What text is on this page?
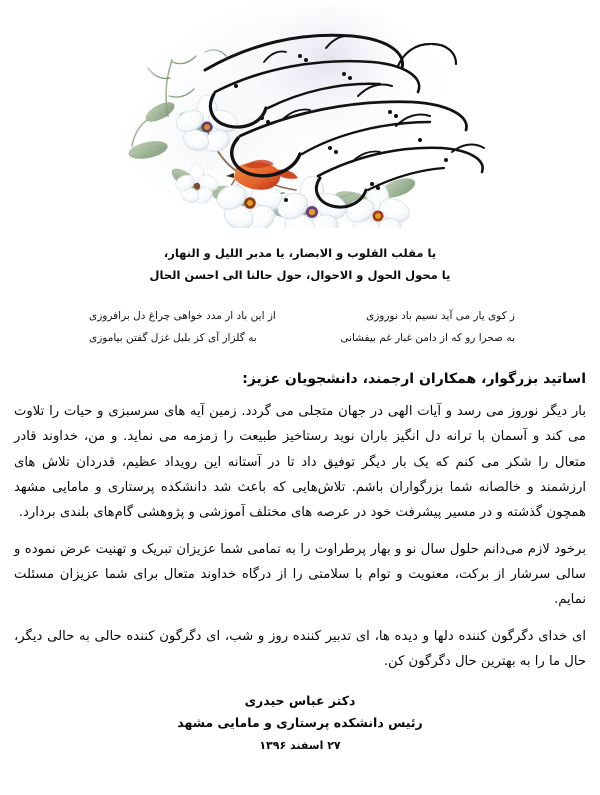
یا مقلب القلوب و الابصار، یا مدبر اللیل و النهار،
یا محول الحول و الاحوال، حول حالنا الی احسن الحال
ز کوی یار می آید نسیم باد نوروزی
از این باد ار مدد خواهی چراغ دل برافروزی
به صحرا رو که از دامن غبار غم بیفشانی
به گلزار آی کز بلبل غزل گفتن بیاموزی
اساتید بزرگوار، همکاران ارجمند، دانشجویان عزیز:

بار دیگر نوروز می رسد و آیات الهی در جهان متجلی می گردد. زمین آیه های سرسبزی و حیات را تلاوت می کند و آسمان با ترانه دل انگیز باران نوید رستاخیز طبیعت را زمزمه می نماید. و من، خداوند قادر متعال را شکر می کنم که یک بار دیگر توفیق داد تا در آستانه این رویداد عظیم، قدردان تلاش های ارزشمند و خالصانه شما بزرگواران باشم. تلاش‌هایی که باعث شد دانشکده پرستاری و مامایی مشهد همچون گذشته و در مسیر پیشرفت خود در عرصه های مختلف آموزشی و پژوهشی گام‌های بلندی بردارد.

برخود لازم می‌دانم حلول سال نو و بهار پرطراوت را به تمامی شما عزیزان تبریک و تهنیت عرض نموده و سالی سرشار از برکت، معنویت و توام با سلامتی را از درگاه خداوند متعال برای شما عزیزان مسئلت نمایم.

ای خدای دگرگون کننده دلها و دیده ها، ای تدبیر کننده روز و شب، ای دگرگون کننده حالی به حالی دیگر، حال ما را به بهترین حال دگرگون کن.

دکتر عباس حیدری
رئیس دانشکده پرستاری و مامایی مشهد
۲۷ اسفند ۱۳۹۶
